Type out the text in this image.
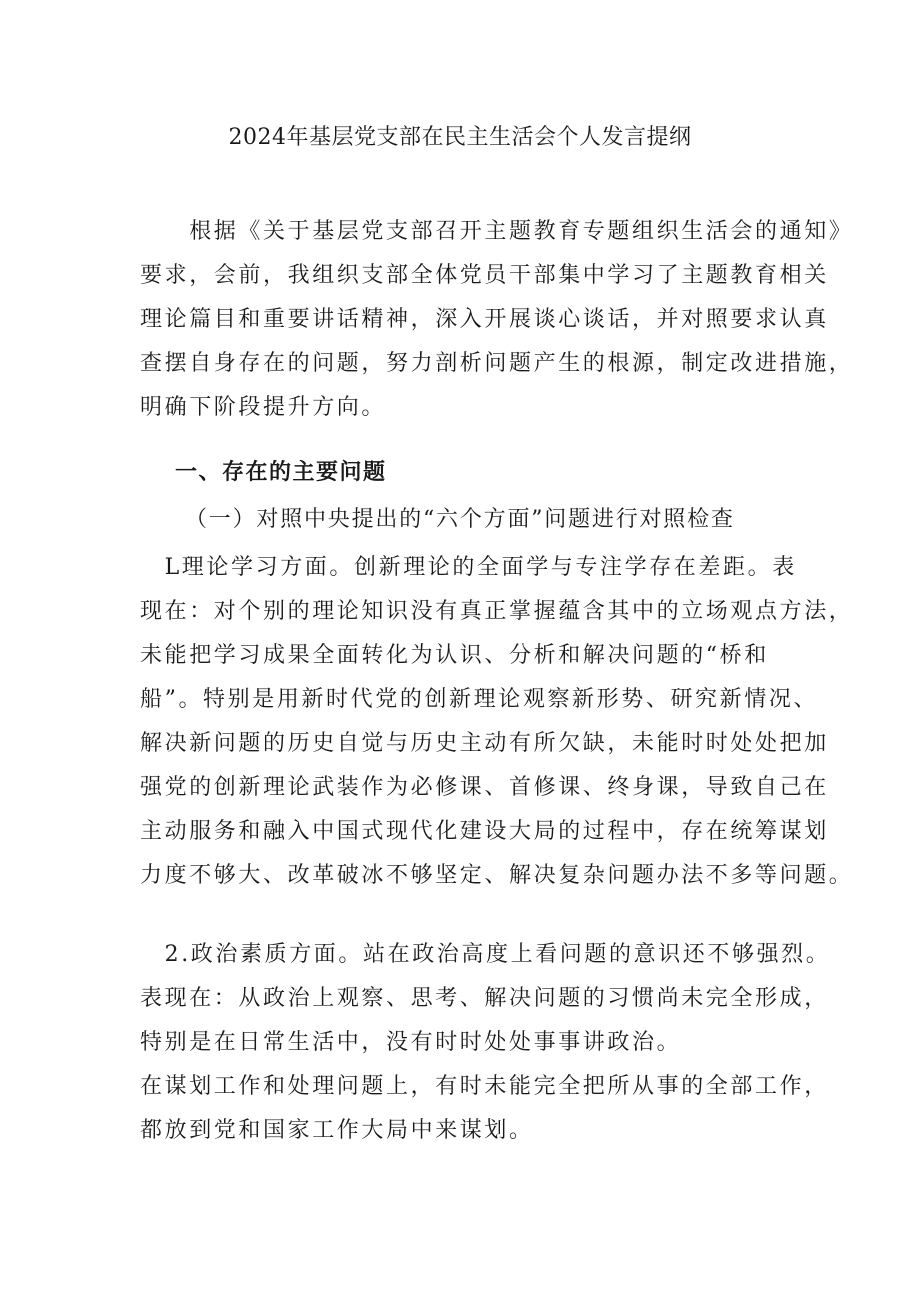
2024年基层党支部在民主生活会个人发言提纲
　　根据《关于基层党支部召开主题教育专题组织生活会的通知》
要求，会前，我组织支部全体党员干部集中学习了主题教育相关
理论篇目和重要讲话精神，深入开展谈心谈话，并对照要求认真
查摆自身存在的问题，努力剖析问题产生的根源，制定改进措施，
明确下阶段提升方向。
一、存在的主要问题
（一）对照中央提出的“六个方面”问题进行对照检查
　L理论学习方面。创新理论的全面学与专注学存在差距。表
现在：对个别的理论知识没有真正掌握蕴含其中的立场观点方法，
未能把学习成果全面转化为认识、分析和解决问题的“桥和
船”。特别是用新时代党的创新理论观察新形势、研究新情况、
解决新问题的历史自觉与历史主动有所欠缺，未能时时处处把加
强党的创新理论武装作为必修课、首修课、终身课，导致自己在
主动服务和融入中国式现代化建设大局的过程中，存在统筹谋划
力度不够大、改革破冰不够坚定、解决复杂问题办法不多等问题。
　2.政治素质方面。站在政治高度上看问题的意识还不够强烈。
表现在：从政治上观察、思考、解决问题的习惯尚未完全形成，
特别是在日常生活中，没有时时处处事事讲政治。
在谋划工作和处理问题上，有时未能完全把所从事的全部工作，
都放到党和国家工作大局中来谋划。
